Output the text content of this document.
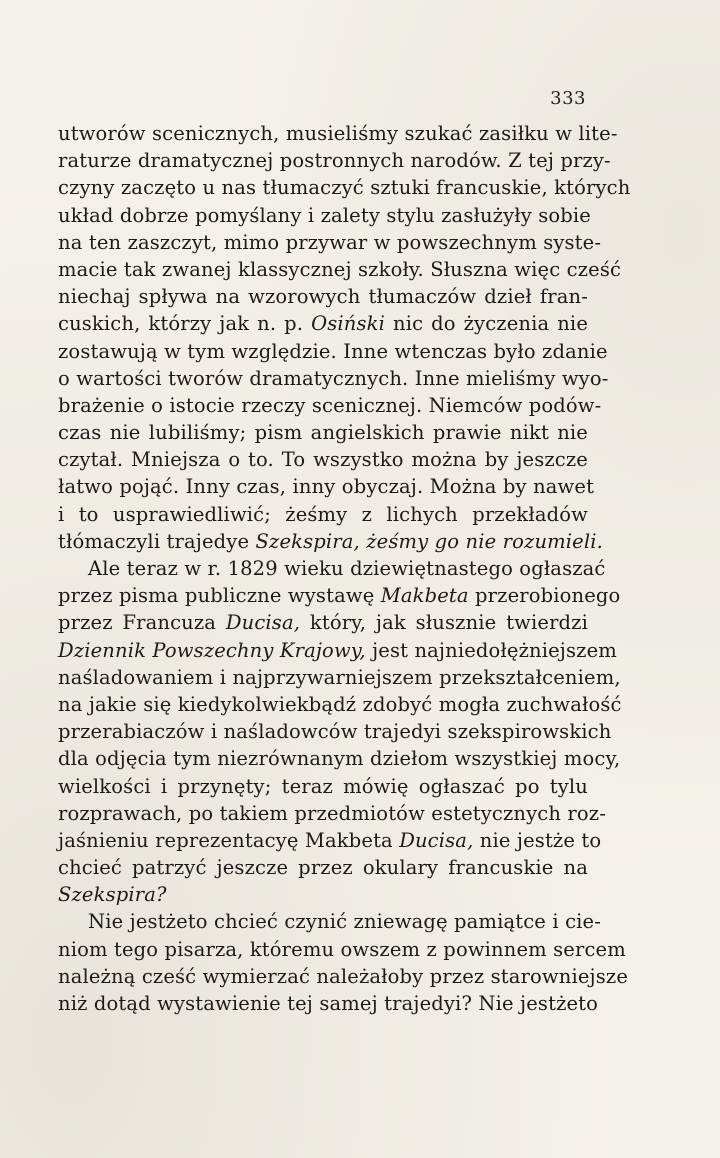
333
utworów scenicznych, musieliśmy szukać zasiłku w lite-
raturze dramatycznej postronnych narodów. Z tej przy-
czyny zaczęto u nas tłumaczyć sztuki francuskie, których
układ dobrze pomyślany i zalety stylu zasłużyły sobie
na ten zaszczyt, mimo przywar w powszechnym syste-
macie tak zwanej klassycznej szkoły. Słuszna więc cześć
niechaj spływa na wzorowych tłumaczów dzieł fran-
cuskich, którzy jak n. p. Osiński nic do życzenia nie
zostawują w tym względzie. Inne wtenczas było zdanie
o wartości tworów dramatycznych. Inne mieliśmy wyo-
brażenie o istocie rzeczy scenicznej. Niemców podów-
czas nie lubiliśmy; pism angielskich prawie nikt nie
czytał. Mniejsza o to. To wszystko można by jeszcze
łatwo pojąć. Inny czas, inny obyczaj. Można by nawet
i to usprawiedliwić; żeśmy z lichych przekładów
tłómaczyli trajedye Szekspira, żeśmy go nie rozumieli.
Ale teraz w r. 1829 wieku dziewiętnastego ogłaszać
przez pisma publiczne wystawę Makbeta przerobionego
przez Francuza Ducisa, który, jak słusznie twierdzi
Dziennik Powszechny Krajowy, jest najniedołężniejszem
naśladowaniem i najprzywarniejszem przekształceniem,
na jakie się kiedykolwiekbądź zdobyć mogła zuchwałość
przerabiaczów i naśladowców trajedyi szekspirowskich
dla odjęcia tym niezrównanym dziełom wszystkiej mocy,
wielkości i przynęty; teraz mówię ogłaszać po tylu
rozprawach, po takiem przedmiotów estetycznych roz-
jaśnieniu reprezentacyę Makbeta Ducisa, nie jestże to
chcieć patrzyć jeszcze przez okulary francuskie na
Szekspira?
Nie jestżeto chcieć czynić zniewagę pamiątce i cie-
niom tego pisarza, któremu owszem z powinnem sercem
należną cześć wymierzać należałoby przez starowniejsze
niż dotąd wystawienie tej samej trajedyi? Nie jestżeto
